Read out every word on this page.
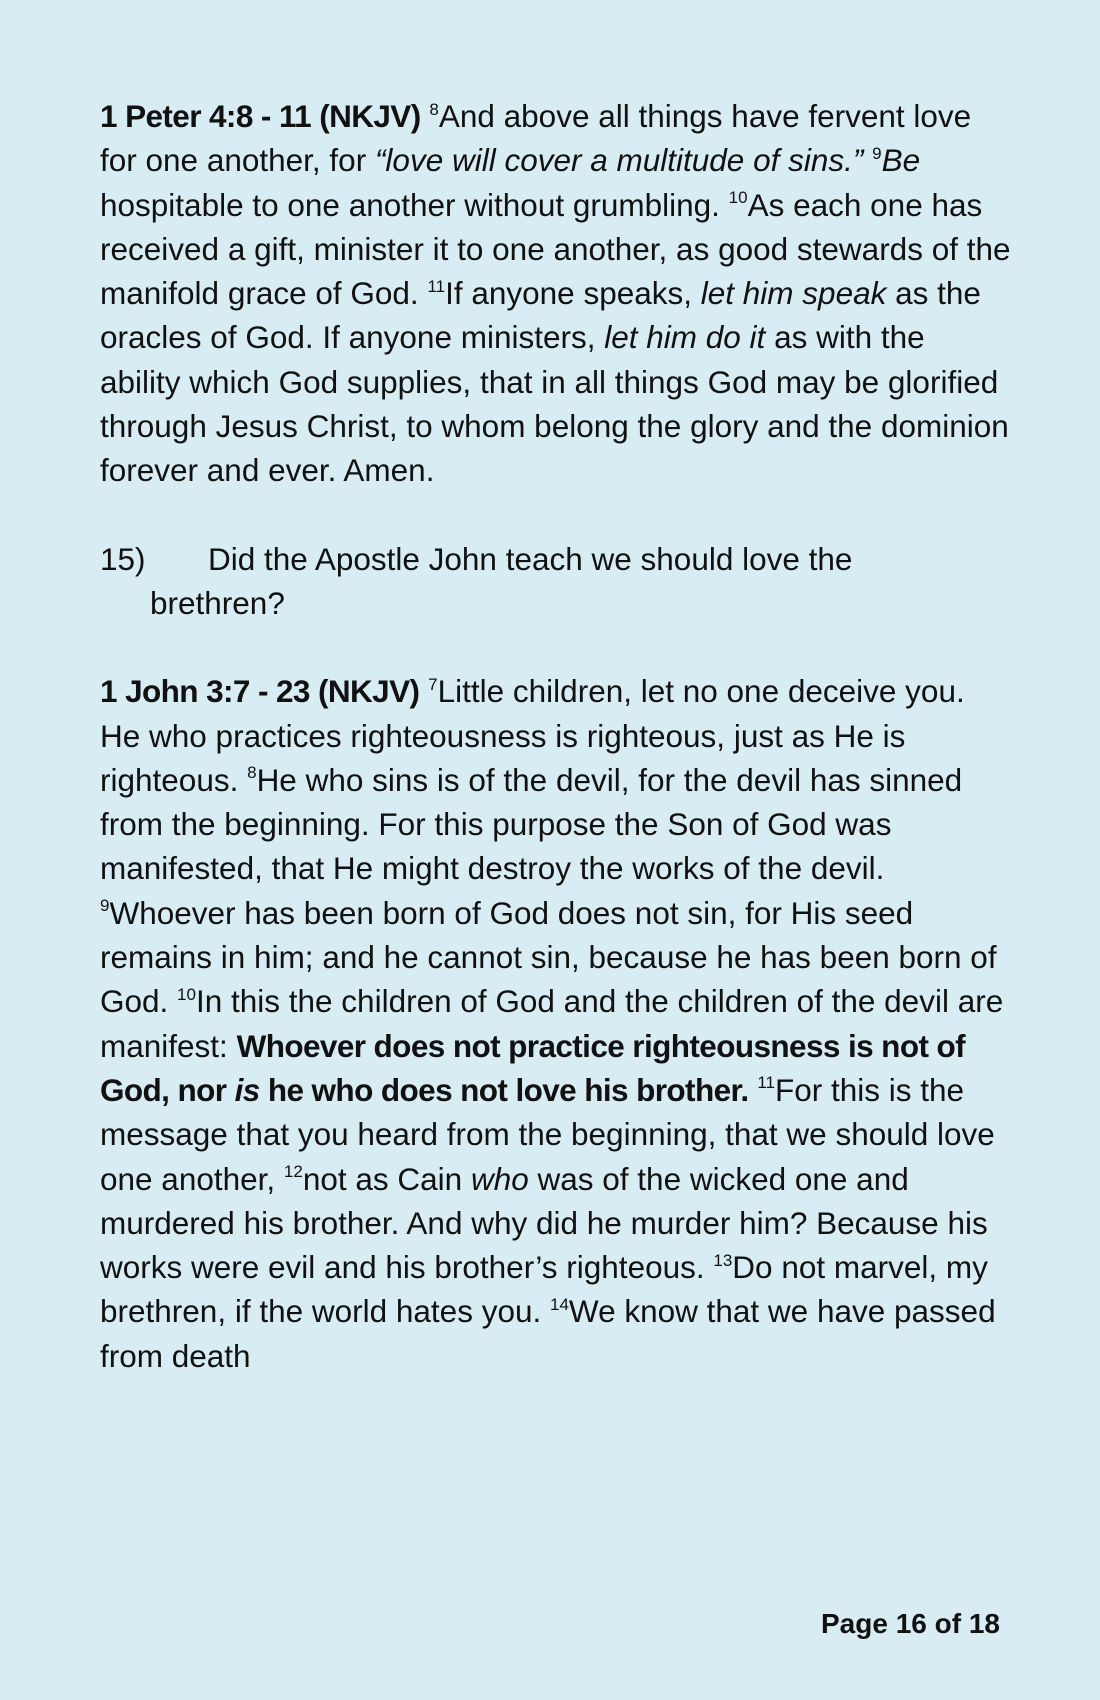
1 Peter 4:8 - 11 (NKJV) $^8$And above all things have fervent love for one another, for “love will cover a multitude of sins.” $^9$Be hospitable to one another without grumbling. $^{10}$As each one has received a gift, minister it to one another, as good stewards of the manifold grace of God. $^{11}$If anyone speaks, let him speak as the oracles of God. If anyone ministers, let him do it as with the ability which God supplies, that in all things God may be glorified through Jesus Christ, to whom belong the glory and the dominion forever and ever. Amen.

15) Did the Apostle John teach we should love the
brethren?

1 John 3:7 - 23 (NKJV) $^7$Little children, let no one deceive you. He who practices righteousness is righteous, just as He is righteous. $^8$He who sins is of the devil, for the devil has sinned from the beginning. For this purpose the Son of God was manifested, that He might destroy the works of the devil. $^9$Whoever has been born of God does not sin, for His seed remains in him; and he cannot sin, because he has been born of God. $^{10}$In this the children of God and the children of the devil are manifest: Whoever does not practice righteousness is not of God, nor is he who does not love his brother. $^{11}$For this is the message that you heard from the beginning, that we should love one another, $^{12}$not as Cain who was of the wicked one and murdered his brother. And why did he murder him? Because his works were evil and his brother’s righteous. $^{13}$Do not marvel, my brethren, if the world hates you. $^{14}$We know that we have passed from death

Page 16 of 18
